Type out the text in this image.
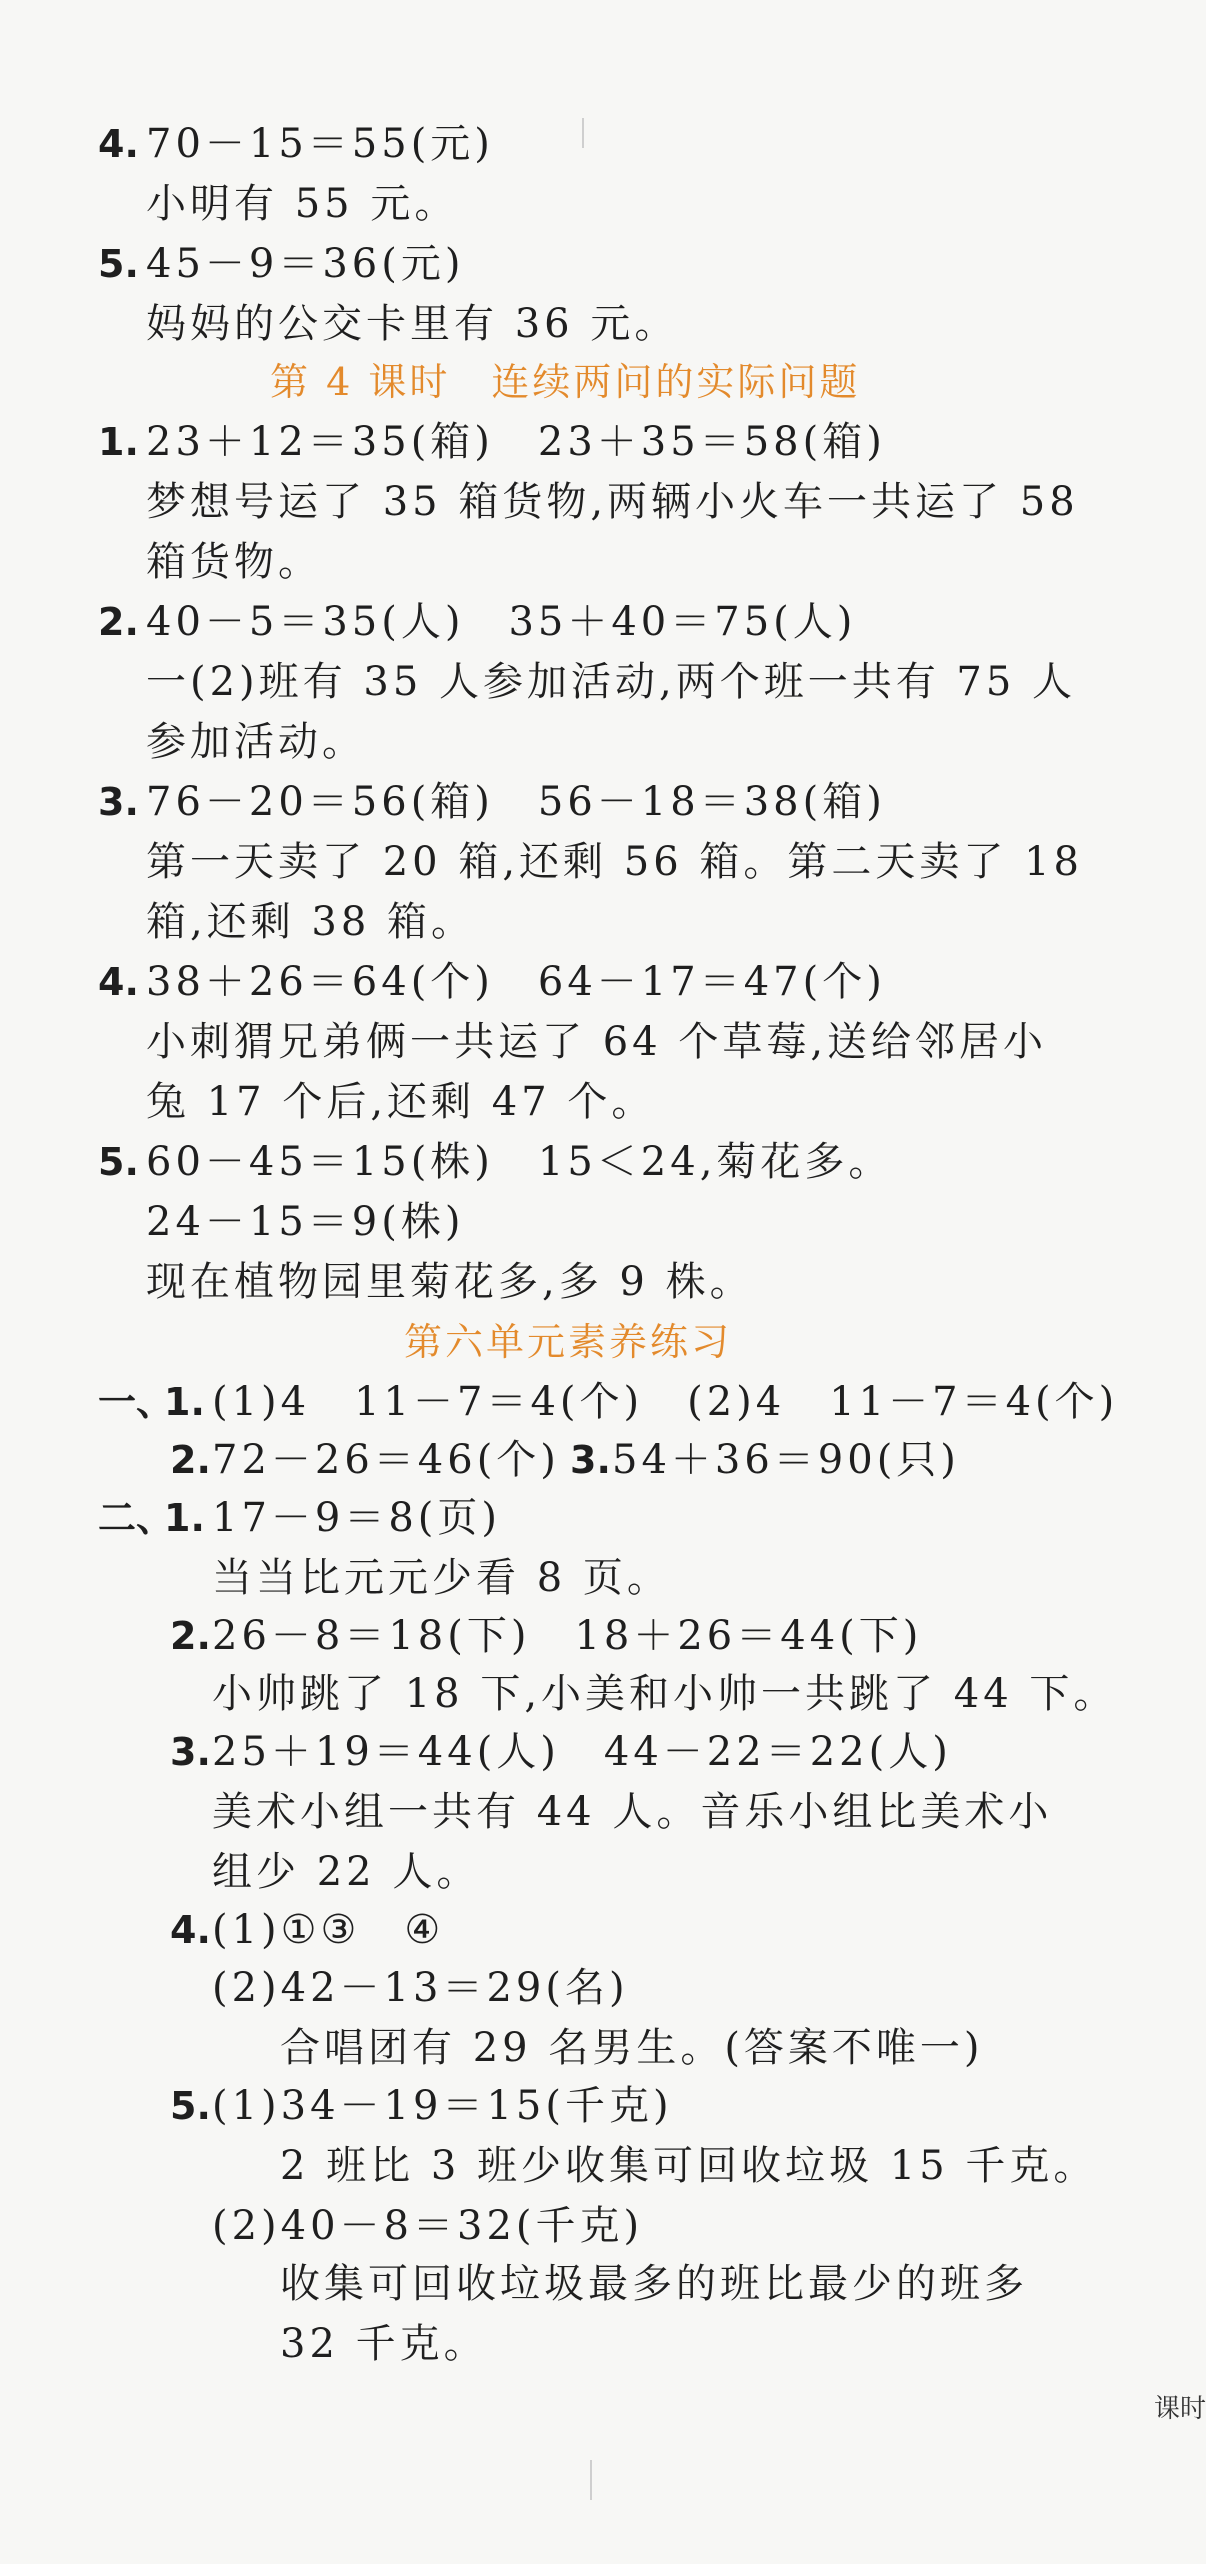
4. 70－15＝55(元)
小明有 55 元。
5. 45－9＝36(元)
妈妈的公交卡里有 36 元。
第 4 课时　连续两问的实际问题
1. 23＋12＝35(箱)　23＋35＝58(箱)
梦想号运了 35 箱货物,两辆小火车一共运了 58
箱货物。
2. 40－5＝35(人)　35＋40＝75(人)
一(2)班有 35 人参加活动,两个班一共有 75 人
参加活动。
3. 76－20＝56(箱)　56－18＝38(箱)
第一天卖了 20 箱,还剩 56 箱。第二天卖了 18
箱,还剩 38 箱。
4. 38＋26＝64(个)　64－17＝47(个)
小刺猬兄弟俩一共运了 64 个草莓,送给邻居小
兔 17 个后,还剩 47 个。
5. 60－45＝15(株)　15＜24,菊花多。
24－15＝9(株)
现在植物园里菊花多,多 9 株。
第六单元素养练习
一、
1. (1)4　11－7＝4(个)　(2)4　11－7＝4(个)
2. 72－26＝46(个) 3. 54＋36＝90(只)
二、
1. 17－9＝8(页)
当当比元元少看 8 页。
2. 26－8＝18(下)　18＋26＝44(下)
小帅跳了 18 下,小美和小帅一共跳了 44 下。
3. 25＋19＝44(人)　44－22＝22(人)
美术小组一共有 44 人。音乐小组比美术小
组少 22 人。
4. (1)①③　④
(2)42－13＝29(名)
合唱团有 29 名男生。(答案不唯一)
5. (1)34－19＝15(千克)
2 班比 3 班少收集可回收垃圾 15 千克。
(2)40－8＝32(千克)
收集可回收垃圾最多的班比最少的班多
32 千克。
课时
